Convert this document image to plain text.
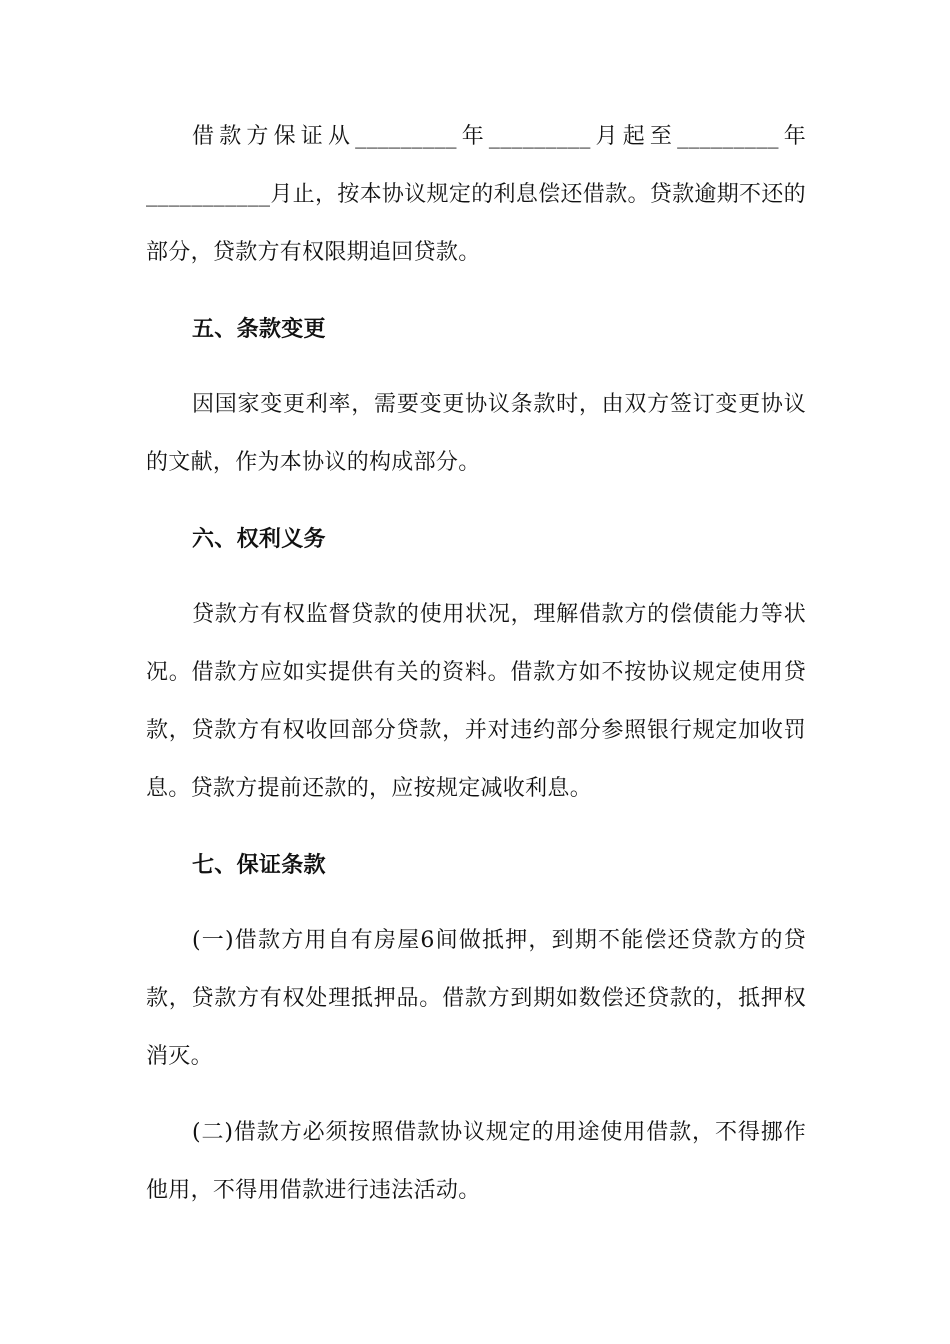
借款方保证从_________年_________月起至_________年___________月止，按本协议规定的利息偿还借款。贷款逾期不还的部分，贷款方有权限期追回贷款。

五、条款变更

因国家变更利率，需要变更协议条款时，由双方签订变更协议的文献，作为本协议的构成部分。

六、权利义务

贷款方有权监督贷款的使用状况，理解借款方的偿债能力等状况。借款方应如实提供有关的资料。借款方如不按协议规定使用贷款，贷款方有权收回部分贷款，并对违约部分参照银行规定加收罚息。贷款方提前还款的，应按规定减收利息。

七、保证条款

(一)借款方用自有房屋6间做抵押，到期不能偿还贷款方的贷款，贷款方有权处理抵押品。借款方到期如数偿还贷款的，抵押权消灭。

(二)借款方必须按照借款协议规定的用途使用借款，不得挪作他用，不得用借款进行违法活动。
